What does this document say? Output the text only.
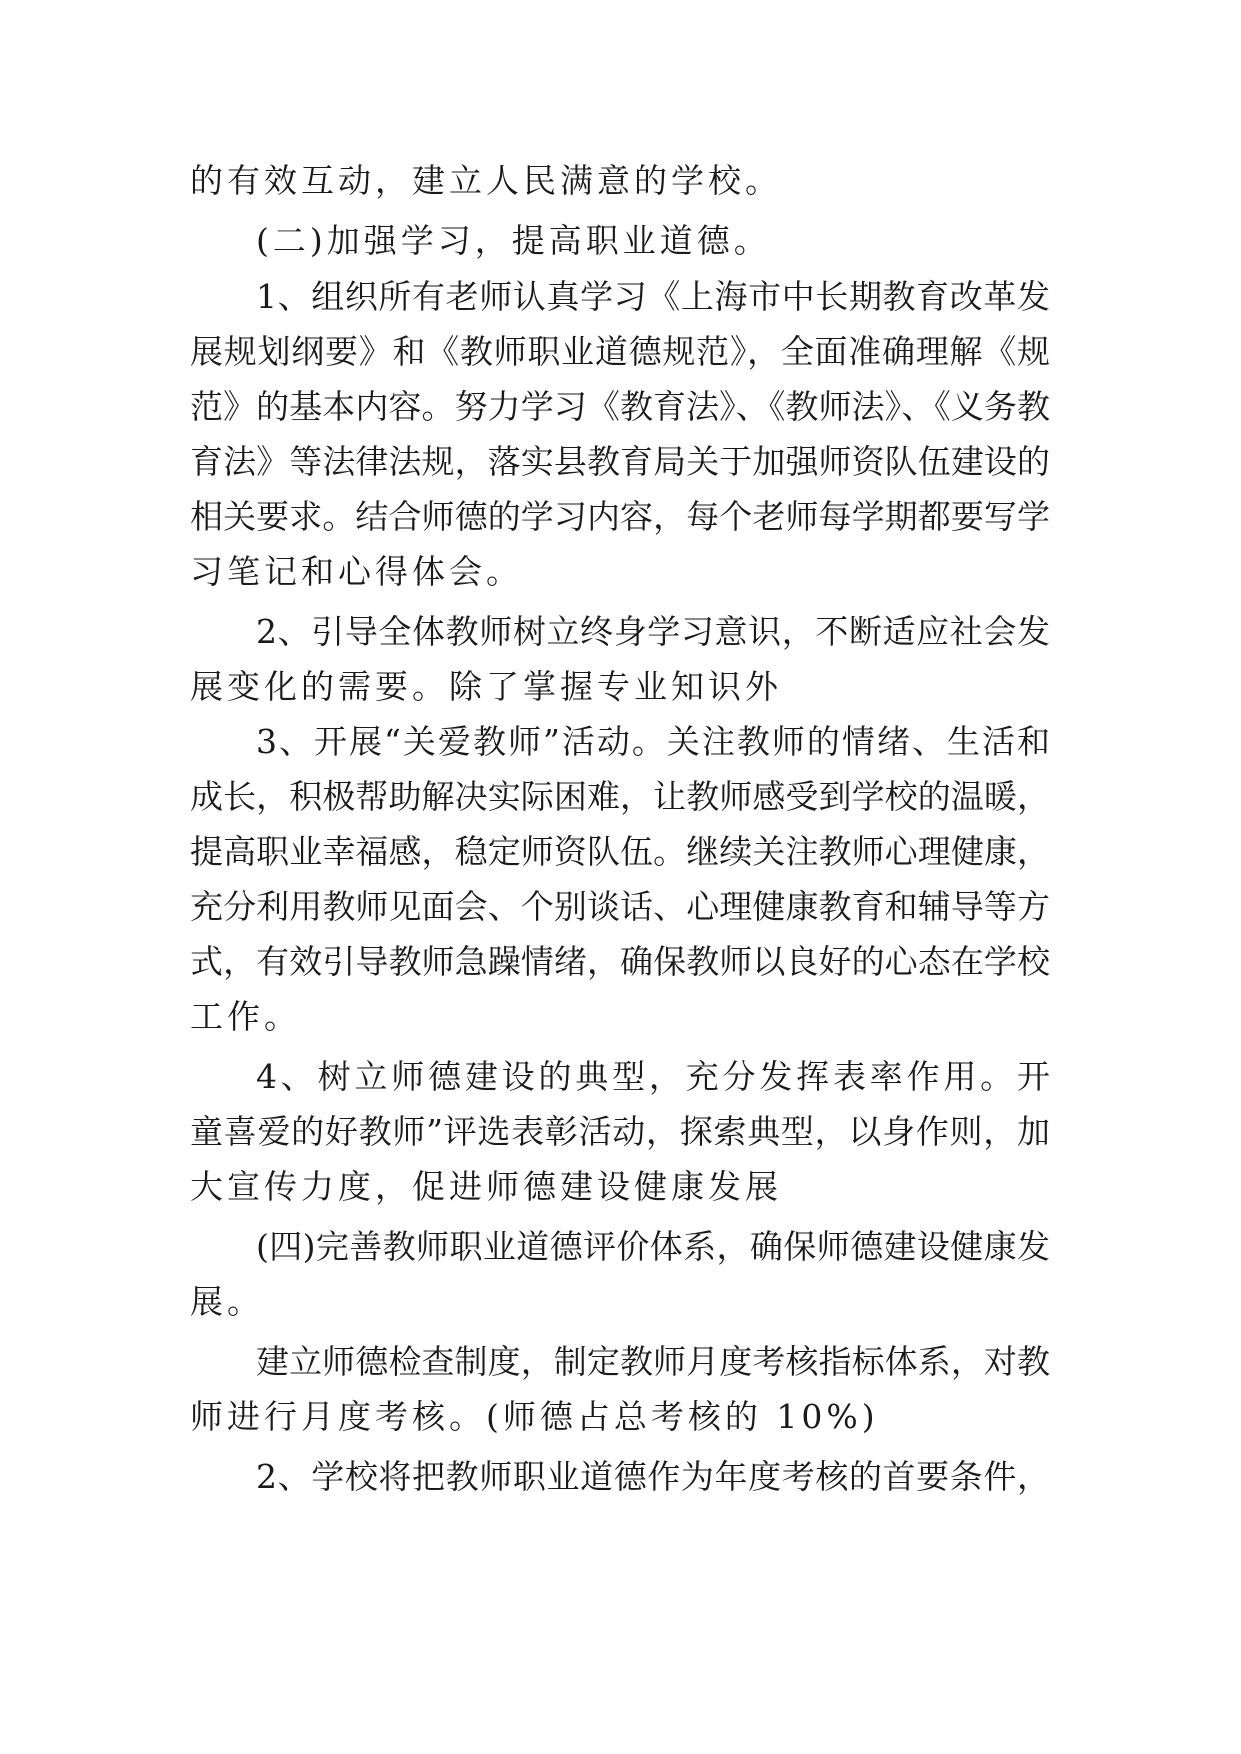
的有效互动，建立人民满意的学校。
(二)加强学习，提高职业道德。
1、组织所有老师认真学习《上海市中长期教育改革发
展规划纲要》和《教师职业道德规范》，全面准确理解《规
范》的基本内容。努力学习《教育法》、《教师法》、《义务教
育法》等法律法规，落实县教育局关于加强师资队伍建设的
相关要求。结合师德的学习内容，每个老师每学期都要写学
习笔记和心得体会。
2、引导全体教师树立终身学习意识，不断适应社会发
展变化的需要。除了掌握专业知识外
3、开展“关爱教师”活动。关注教师的情绪、生活和
成长，积极帮助解决实际困难，让教师感受到学校的温暖，
提高职业幸福感，稳定师资队伍。继续关注教师心理健康，
充分利用教师见面会、个别谈话、心理健康教育和辅导等方
式，有效引导教师急躁情绪，确保教师以良好的心态在学校
工作。
4、树立师德建设的典型，充分发挥表率作用。开
童喜爱的好教师”评选表彰活动，探索典型，以身作则，加
大宣传力度，促进师德建设健康发展
(四)完善教师职业道德评价体系，确保师德建设健康发
展。
建立师德检查制度，制定教师月度考核指标体系，对教
师进行月度考核。(师德占总考核的 10%)
2、学校将把教师职业道德作为年度考核的首要条件，
